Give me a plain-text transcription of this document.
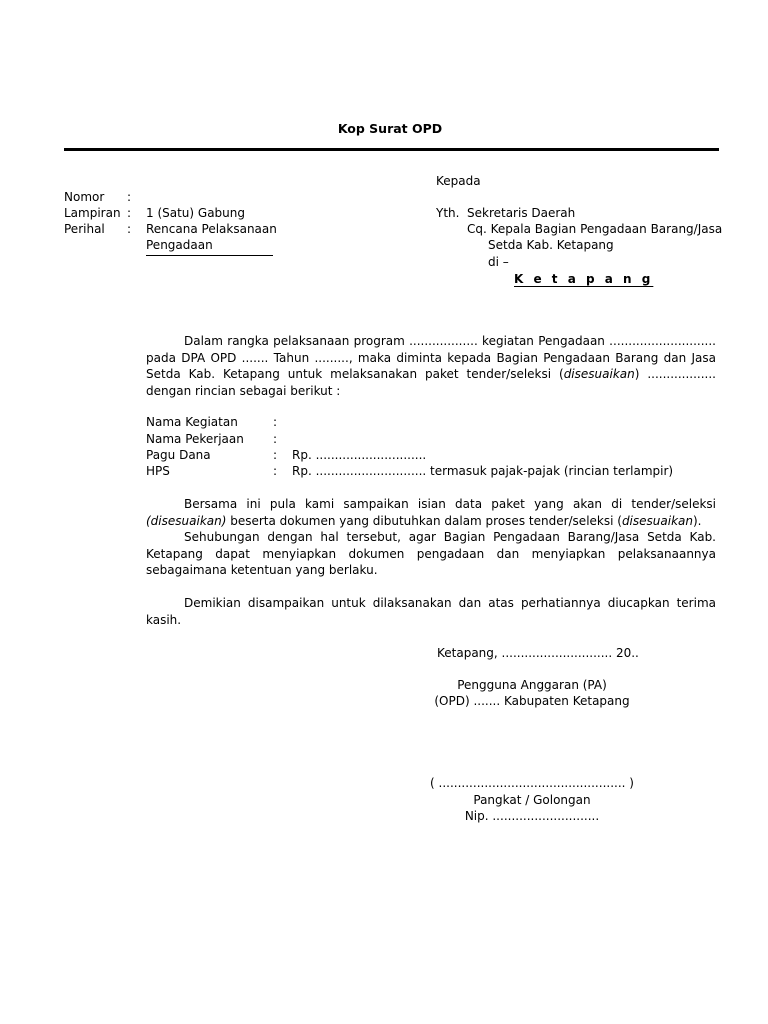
Kop Surat OPD
Kepada
Yth. Sekretaris Daerah
Cq. Kepala Bagian Pengadaan Barang/Jasa
Setda Kab. Ketapang
di –
K e t a p a n g
Nomor :
Lampiran : 1 (Satu) Gabung
Perihal : Rencana Pelaksanaan
Pengadaan
Dalam rangka pelaksanaan program .................. kegiatan Pengadaan ............................ pada DPA OPD ....... Tahun ........., maka diminta kepada Bagian Pengadaan Barang dan Jasa Setda Kab. Ketapang untuk melaksanakan paket tender/seleksi (disesuaikan) .................. dengan rincian sebagai berikut :
Nama Kegiatan	:
Nama Pekerjaan :
Pagu Dana	: Rp. .............................
HPS	: Rp. ............................. termasuk pajak-pajak (rincian terlampir)
Bersama ini pula kami sampaikan isian data paket yang akan di tender/seleksi (disesuaikan) beserta dokumen yang dibutuhkan dalam proses tender/seleksi (disesuaikan).
Sehubungan dengan hal tersebut, agar Bagian Pengadaan Barang/Jasa Setda Kab. Ketapang dapat menyiapkan dokumen pengadaan dan menyiapkan pelaksanaannya sebagaimana ketentuan yang berlaku.
Demikian disampaikan untuk dilaksanakan dan atas perhatiannya diucapkan terima kasih.
Ketapang, ............................. 20..
Pengguna Anggaran (PA)
(OPD) ....... Kabupaten Ketapang
( ................................................. )
Pangkat / Golongan
Nip. ............................
